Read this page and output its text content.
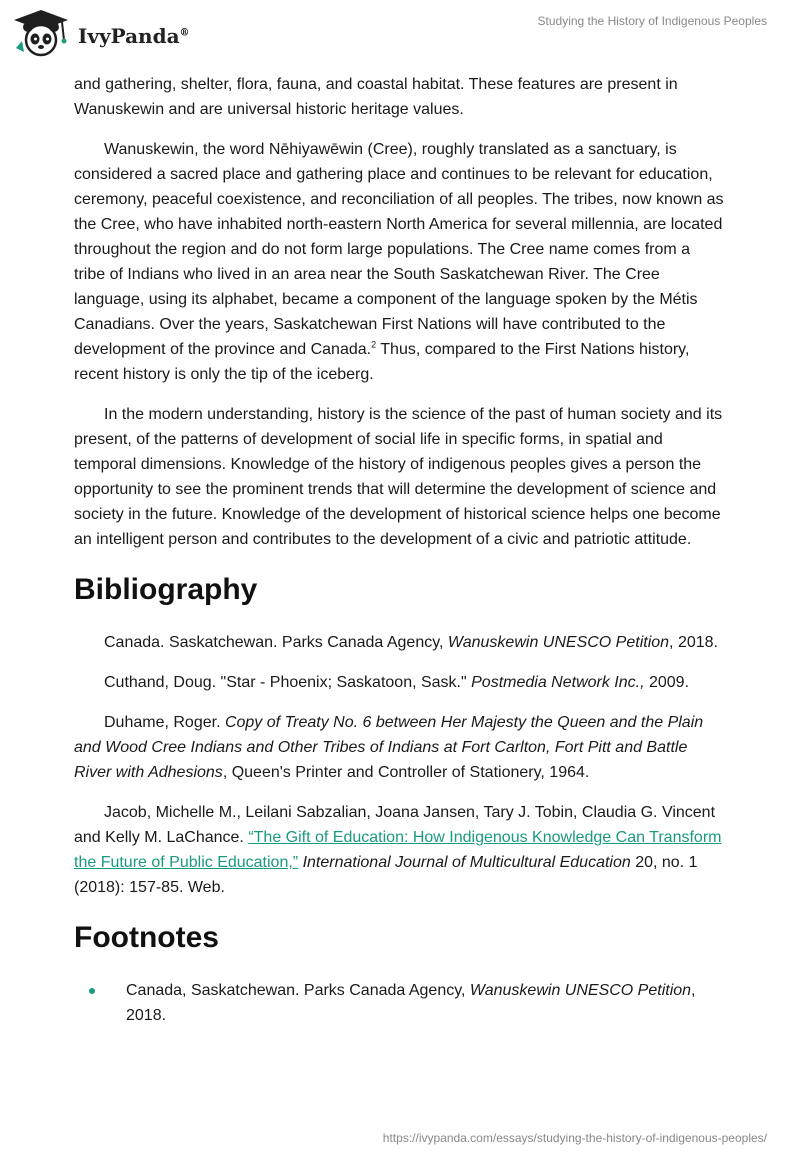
IvyPanda®
Studying the History of Indigenous Peoples

and gathering, shelter, flora, fauna, and coastal habitat. These features are present in Wanuskewin and are universal historic heritage values.

Wanuskewin, the word Nēhiyawēwin (Cree), roughly translated as a sanctuary, is considered a sacred place and gathering place and continues to be relevant for education, ceremony, peaceful coexistence, and reconciliation of all peoples. The tribes, now known as the Cree, who have inhabited north-eastern North America for several millennia, are located throughout the region and do not form large populations. The Cree name comes from a tribe of Indians who lived in an area near the South Saskatchewan River. The Cree language, using its alphabet, became a component of the language spoken by the Métis Canadians. Over the years, Saskatchewan First Nations will have contributed to the development of the province and Canada.$^2$ Thus, compared to the First Nations history, recent history is only the tip of the iceberg.

In the modern understanding, history is the science of the past of human society and its present, of the patterns of development of social life in specific forms, in spatial and temporal dimensions. Knowledge of the history of indigenous peoples gives a person the opportunity to see the prominent trends that will determine the development of science and society in the future. Knowledge of the development of historical science helps one become an intelligent person and contributes to the development of a civic and patriotic attitude.

Bibliography

Canada. Saskatchewan. Parks Canada Agency, Wanuskewin UNESCO Petition, 2018.

Cuthand, Doug. "Star - Phoenix; Saskatoon, Sask." Postmedia Network Inc., 2009.

Duhame, Roger. Copy of Treaty No. 6 between Her Majesty the Queen and the Plain and Wood Cree Indians and Other Tribes of Indians at Fort Carlton, Fort Pitt and Battle River with Adhesions, Queen's Printer and Controller of Stationery, 1964.

Jacob, Michelle M., Leilani Sabzalian, Joana Jansen, Tary J. Tobin, Claudia G. Vincent and Kelly M. LaChance. “The Gift of Education: How Indigenous Knowledge Can Transform the Future of Public Education,” International Journal of Multicultural Education 20, no. 1 (2018): 157-85. Web.

Footnotes
Canada, Saskatchewan. Parks Canada Agency, Wanuskewin UNESCO Petition, 2018.
https://ivypanda.com/essays/studying-the-history-of-indigenous-peoples/
